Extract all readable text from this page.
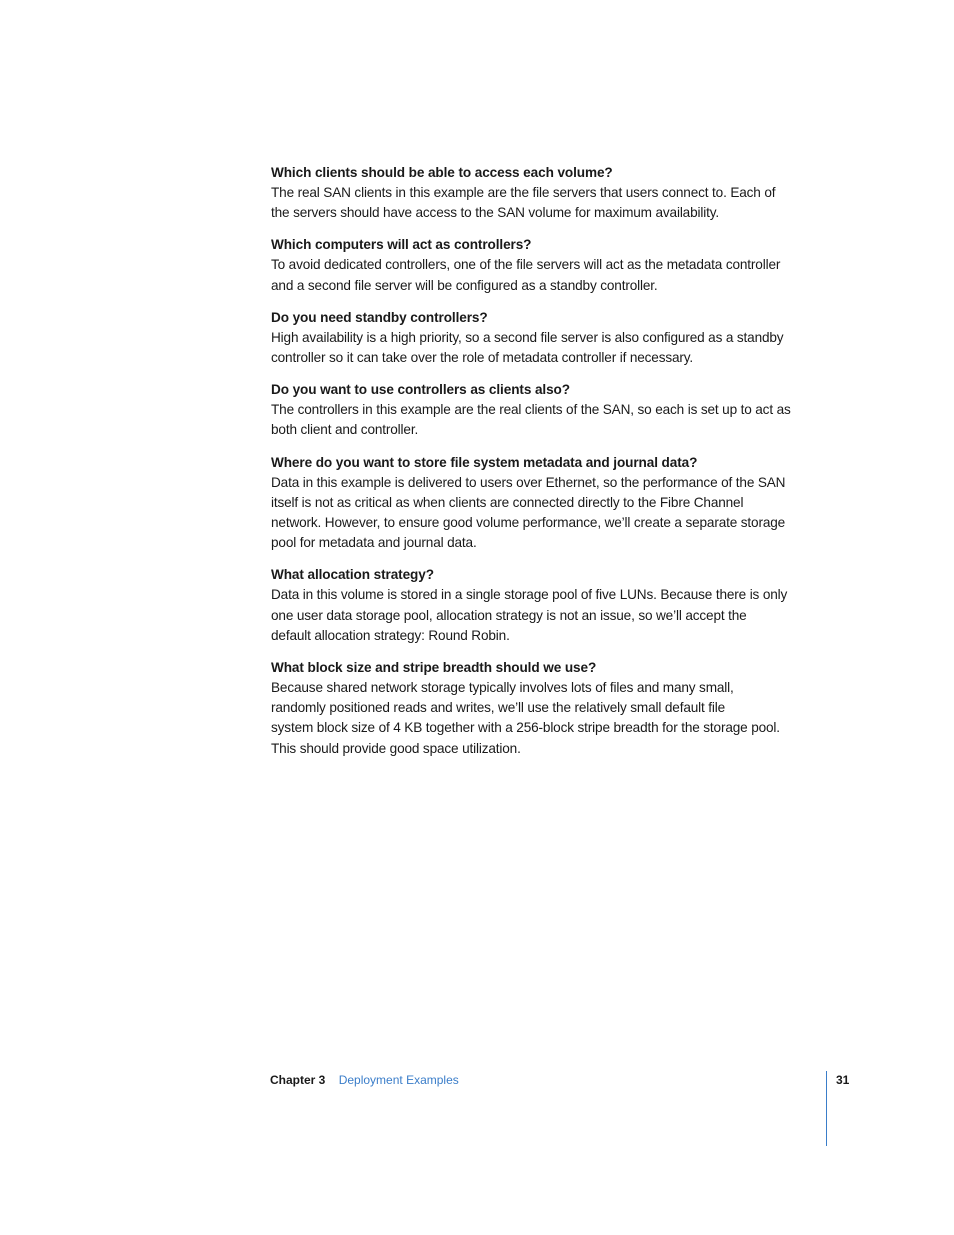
Which clients should be able to access each volume?

The real SAN clients in this example are the file servers that users connect to. Each of
the servers should have access to the SAN volume for maximum availability.

Which computers will act as controllers?

To avoid dedicated controllers, one of the file servers will act as the metadata controller
and a second file server will be configured as a standby controller.

Do you need standby controllers?

High availability is a high priority, so a second file server is also configured as a standby
controller so it can take over the role of metadata controller if necessary.

Do you want to use controllers as clients also?

The controllers in this example are the real clients of the SAN, so each is set up to act as
both client and controller.

Where do you want to store file system metadata and journal data?

Data in this example is delivered to users over Ethernet, so the performance of the SAN
itself is not as critical as when clients are connected directly to the Fibre Channel
network. However, to ensure good volume performance, we’ll create a separate storage
pool for metadata and journal data.

What allocation strategy?

Data in this volume is stored in a single storage pool of five LUNs. Because there is only
one user data storage pool, allocation strategy is not an issue, so we’ll accept the
default allocation strategy: Round Robin.

What block size and stripe breadth should we use?

Because shared network storage typically involves lots of files and many small,
randomly positioned reads and writes, we’ll use the relatively small default file
system block size of 4 KB together with a 256-block stripe breadth for the storage pool.
This should provide good space utilization.

Chapter 3 Deployment Examples	31
